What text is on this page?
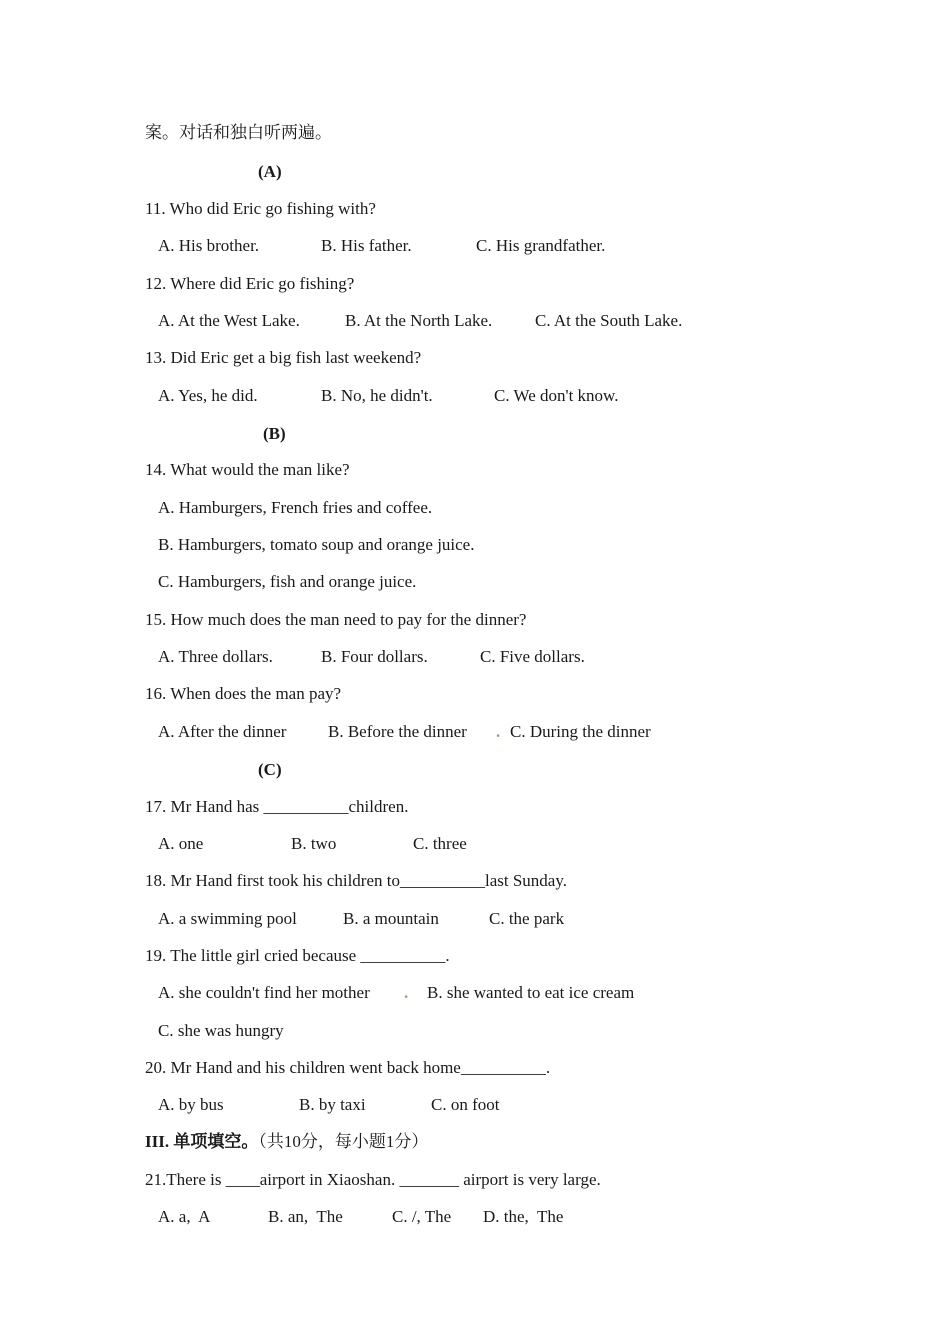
案。对话和独白听两遍。
(A)
11. Who did Eric go fishing with?
A. His brother.	B. His father.	C. His grandfather.
12. Where did Eric go fishing?
A. At the West Lake.	B. At the North Lake.	C. At the South Lake.
13. Did Eric get a big fish last weekend?
A. Yes, he did.	B. No, he didn't.	C. We don't know.
(B)
14. What would the man like?
A. Hamburgers, French fries and coffee.
B. Hamburgers, tomato soup and orange juice.
C. Hamburgers, fish and orange juice.
15. How much does the man need to pay for the dinner?
A. Three dollars.	B. Four dollars.	C. Five dollars.
16. When does the man pay?
A. After the dinner B. Before the dinner . C. During the dinner
(C)
17. Mr Hand has __________children.
A. one	B. two	C. three
18. Mr Hand first took his children to__________last Sunday.
A. a swimming pool	B. a mountain	C. the park
19. The little girl cried because __________.
A. she couldn't find her mother . B. she wanted to eat ice cream
C. she was hungry
20. Mr Hand and his children went back home__________.
A. by bus	B. by taxi	C. on foot
III. 单项填空。（共10分，每小题1分）
21.There is ____airport in Xiaoshan. _______ airport is very large.
A. a,  A	B. an,  The	C. /, The D. the,  The
